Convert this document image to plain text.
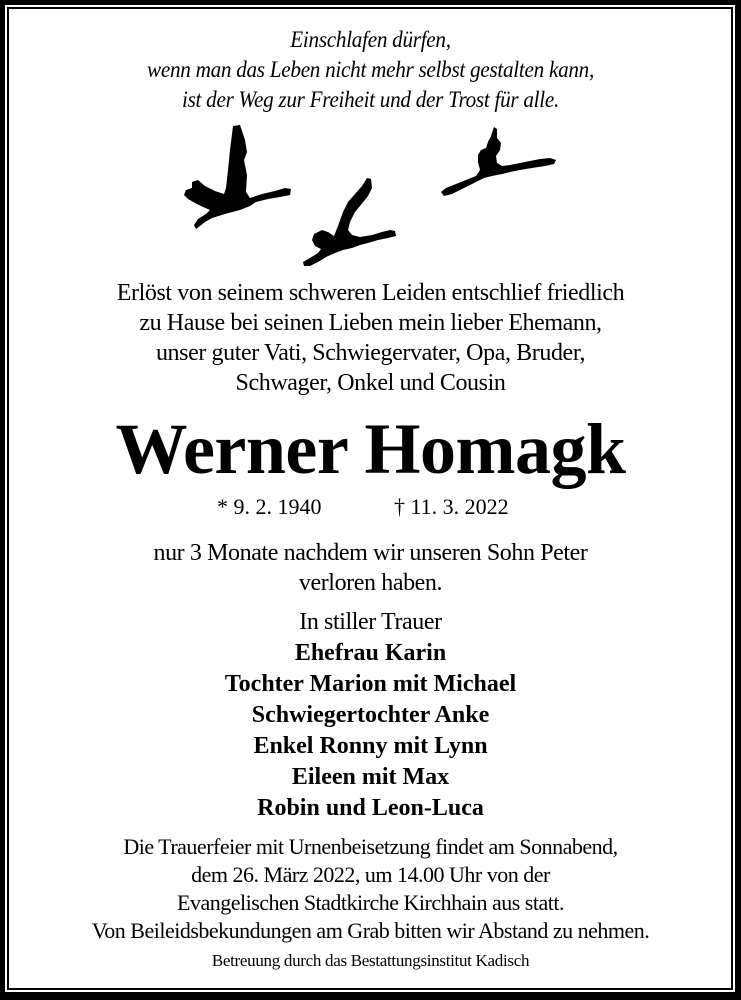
Einschlafen dürfen,
wenn man das Leben nicht mehr selbst gestalten kann,
ist der Weg zur Freiheit und der Trost für alle.
Erlöst von seinem schweren Leiden entschlief friedlich
zu Hause bei seinen Lieben mein lieber Ehemann,
unser guter Vati, Schwiegervater, Opa, Bruder,
Schwager, Onkel und Cousin
Werner Homagk
* 9. 2. 1940	† 11. 3. 2022
nur 3 Monate nachdem wir unseren Sohn Peter
verloren haben.
In stiller Trauer
Ehefrau Karin
Tochter Marion mit Michael
Schwiegertochter Anke
Enkel Ronny mit Lynn
Eileen mit Max
Robin und Leon-Luca
Die Trauerfeier mit Urnenbeisetzung findet am Sonnabend,
dem 26. März 2022, um 14.00 Uhr von der
Evangelischen Stadtkirche Kirchhain aus statt.
Von Beileidsbekundungen am Grab bitten wir Abstand zu nehmen.
Betreuung durch das Bestattungsinstitut Kadisch
